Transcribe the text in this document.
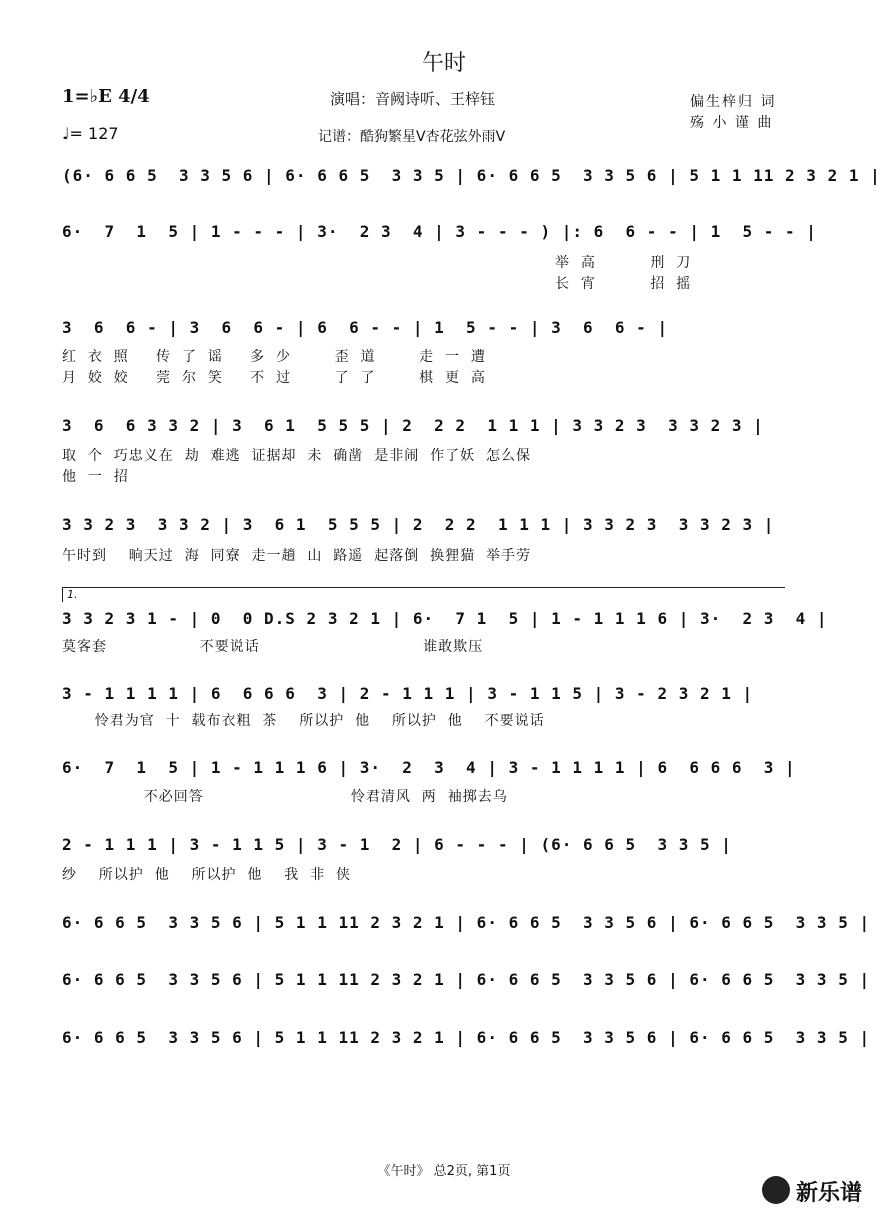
午时
1=♭E 4/4
♩= 127
演唱：音阙诗听、王梓钰
记谱：酷狗繁星V杏花弦外雨V
偏生梓归 词
殇 小 谨 曲
(6· 6 6 5  3 3 5 6 | 6· 6 6 5  3 3 5 | 6· 6 6 5  3 3 5 6 | 5 1 1 11 2 3 2 1 |
6·  7  1  5 | 1 - - - | 3·  2 3  4 | 3 - - - ) |: 6  6 - - | 1  5 - - |
举  高          刑  刀
长  宵          招  摇
3  6  6 - | 3  6  6 - | 6  6 - - | 1  5 - - | 3  6  6 - |
红  衣  照     传  了  谣     多  少        歪  道        走  一  遭
月  姣  姣     莞  尔  笑     不  过        了  了        棋  更  高
3  6  6 3 3 2 | 3  6 1  5 5 5 | 2  2 2  1 1 1 | 3 3 2 3  3 3 2 3 |
取  个  巧忠义在  劫  难逃  证据却  未  确凿  是非闹  作了妖  怎么保
他  一  招
3 3 2 3  3 3 2 | 3  6 1  5 5 5 | 2  2 2  1 1 1 | 3 3 2 3  3 3 2 3 |
午时到    晌天过  海  同寮  走一趟  山  路遥  起落倒  换狸猫  举手劳
1.
3 3 2 3 1 - | 0  0 D.S 2 3 2 1 | 6·  7 1  5 | 1 - 1 1 1 6 | 3·  2 3  4 |
莫客套                 不要说话                              谁敢欺压
3 - 1 1 1 1 | 6  6 6 6  3 | 2 - 1 1 1 | 3 - 1 1 5 | 3 - 2 3 2 1 |
怜君为官  十  载布衣粗  茶    所以护  他    所以护  他    不要说话
6·  7  1  5 | 1 - 1 1 1 6 | 3·  2  3  4 | 3 - 1 1 1 1 | 6  6 6 6  3 |
不必回答                           怜君清风  两  袖掷去乌
2 - 1 1 1 | 3 - 1 1 5 | 3 - 1  2 | 6 - - - | (6· 6 6 5  3 3 5 |
纱    所以护  他    所以护  他    我  非  侠
6· 6 6 5  3 3 5 6 | 5 1 1 11 2 3 2 1 | 6· 6 6 5  3 3 5 6 | 6· 6 6 5  3 3 5 |
6· 6 6 5  3 3 5 6 | 5 1 1 11 2 3 2 1 | 6· 6 6 5  3 3 5 6 | 6· 6 6 5  3 3 5 |
6· 6 6 5  3 3 5 6 | 5 1 1 11 2 3 2 1 | 6· 6 6 5  3 3 5 6 | 6· 6 6 5  3 3 5 |
《午时》 总2页, 第1页
新乐谱
